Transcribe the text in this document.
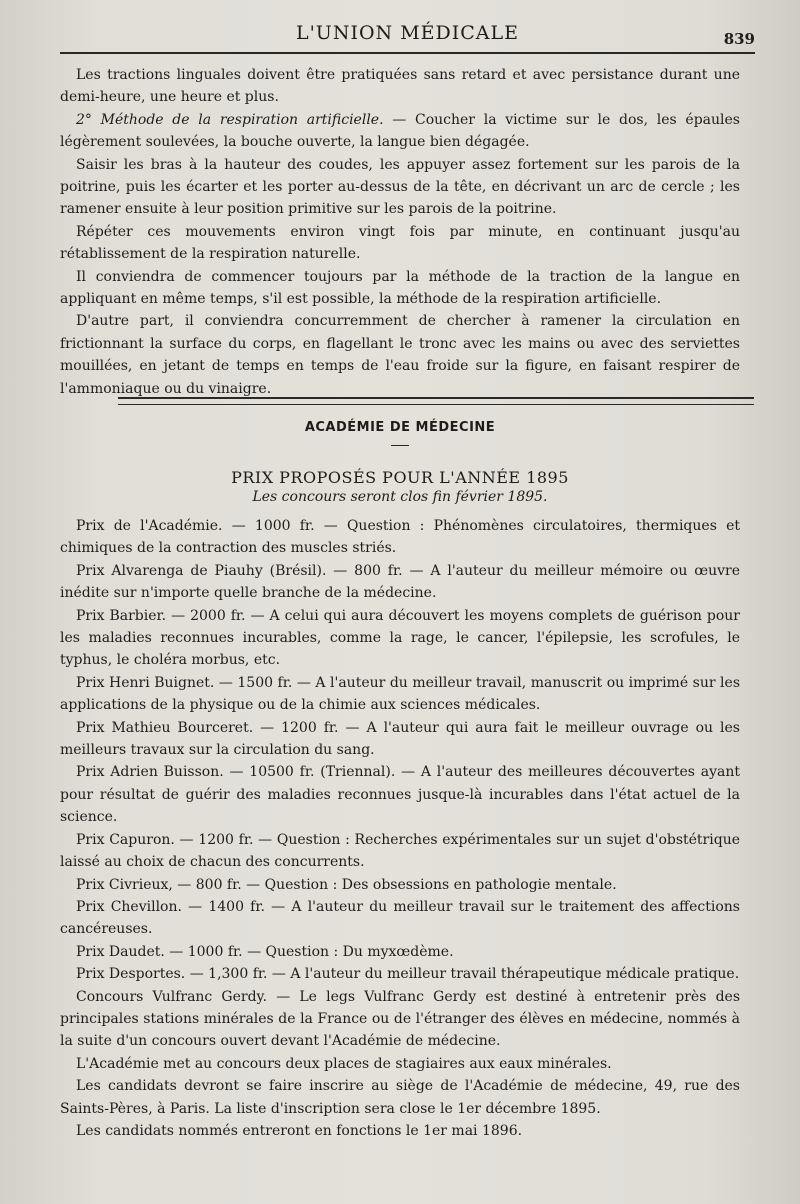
L'UNION MÉDICALE	839

Les tractions linguales doivent être pratiquées sans retard et avec persistance durant une demi-heure, une heure et plus.

2° Méthode de la respiration artificielle. — Coucher la victime sur le dos, les épaules légèrement soulevées, la bouche ouverte, la langue bien dégagée.

Saisir les bras à la hauteur des coudes, les appuyer assez fortement sur les parois de la poitrine, puis les écarter et les porter au-dessus de la tête, en décrivant un arc de cercle ; les ramener ensuite à leur position primitive sur les parois de la poitrine.

Répéter ces mouvements environ vingt fois par minute, en continuant jusqu'au rétablissement de la respiration naturelle.

Il conviendra de commencer toujours par la méthode de la traction de la langue en appliquant en même temps, s'il est possible, la méthode de la respiration artificielle.

D'autre part, il conviendra concurremment de chercher à ramener la circulation en frictionnant la surface du corps, en flagellant le tronc avec les mains ou avec des serviettes mouillées, en jetant de temps en temps de l'eau froide sur la figure, en faisant respirer de l'ammoniaque ou du vinaigre.

ACADÉMIE DE MÉDECINE
PRIX PROPOSÉS POUR L'ANNÉE 1895
Les concours seront clos fin février 1895.

Prix de l'Académie. — 1000 fr. — Question : Phénomènes circulatoires, thermiques et chimiques de la contraction des muscles striés.

Prix Alvarenga de Piauhy (Brésil). — 800 fr. — A l'auteur du meilleur mémoire ou œuvre inédite sur n'importe quelle branche de la médecine.

Prix Barbier. — 2000 fr. — A celui qui aura découvert les moyens complets de guérison pour les maladies reconnues incurables, comme la rage, le cancer, l'épilepsie, les scrofules, le typhus, le choléra morbus, etc.

Prix Henri Buignet. — 1500 fr. — A l'auteur du meilleur travail, manuscrit ou imprimé sur les applications de la physique ou de la chimie aux sciences médicales.

Prix Mathieu Bourceret. — 1200 fr. — A l'auteur qui aura fait le meilleur ouvrage ou les meilleurs travaux sur la circulation du sang.

Prix Adrien Buisson. — 10500 fr. (Triennal). — A l'auteur des meilleures découvertes ayant pour résultat de guérir des maladies reconnues jusque-là incurables dans l'état actuel de la science.

Prix Capuron. — 1200 fr. — Question : Recherches expérimentales sur un sujet d'obstétrique laissé au choix de chacun des concurrents.

Prix Civrieux, — 800 fr. — Question : Des obsessions en pathologie mentale.

Prix Chevillon. — 1400 fr. — A l'auteur du meilleur travail sur le traitement des affections cancéreuses.

Prix Daudet. — 1000 fr. — Question : Du myxœdème.

Prix Desportes. — 1,300 fr. — A l'auteur du meilleur travail thérapeutique médicale pratique.

Concours Vulfranc Gerdy. — Le legs Vulfranc Gerdy est destiné à entretenir près des principales stations minérales de la France ou de l'étranger des élèves en médecine, nommés à la suite d'un concours ouvert devant l'Académie de médecine.

L'Académie met au concours deux places de stagiaires aux eaux minérales.

Les candidats devront se faire inscrire au siège de l'Académie de médecine, 49, rue des Saints-Pères, à Paris. La liste d'inscription sera close le 1er décembre 1895.

Les candidats nommés entreront en fonctions le 1er mai 1896.
